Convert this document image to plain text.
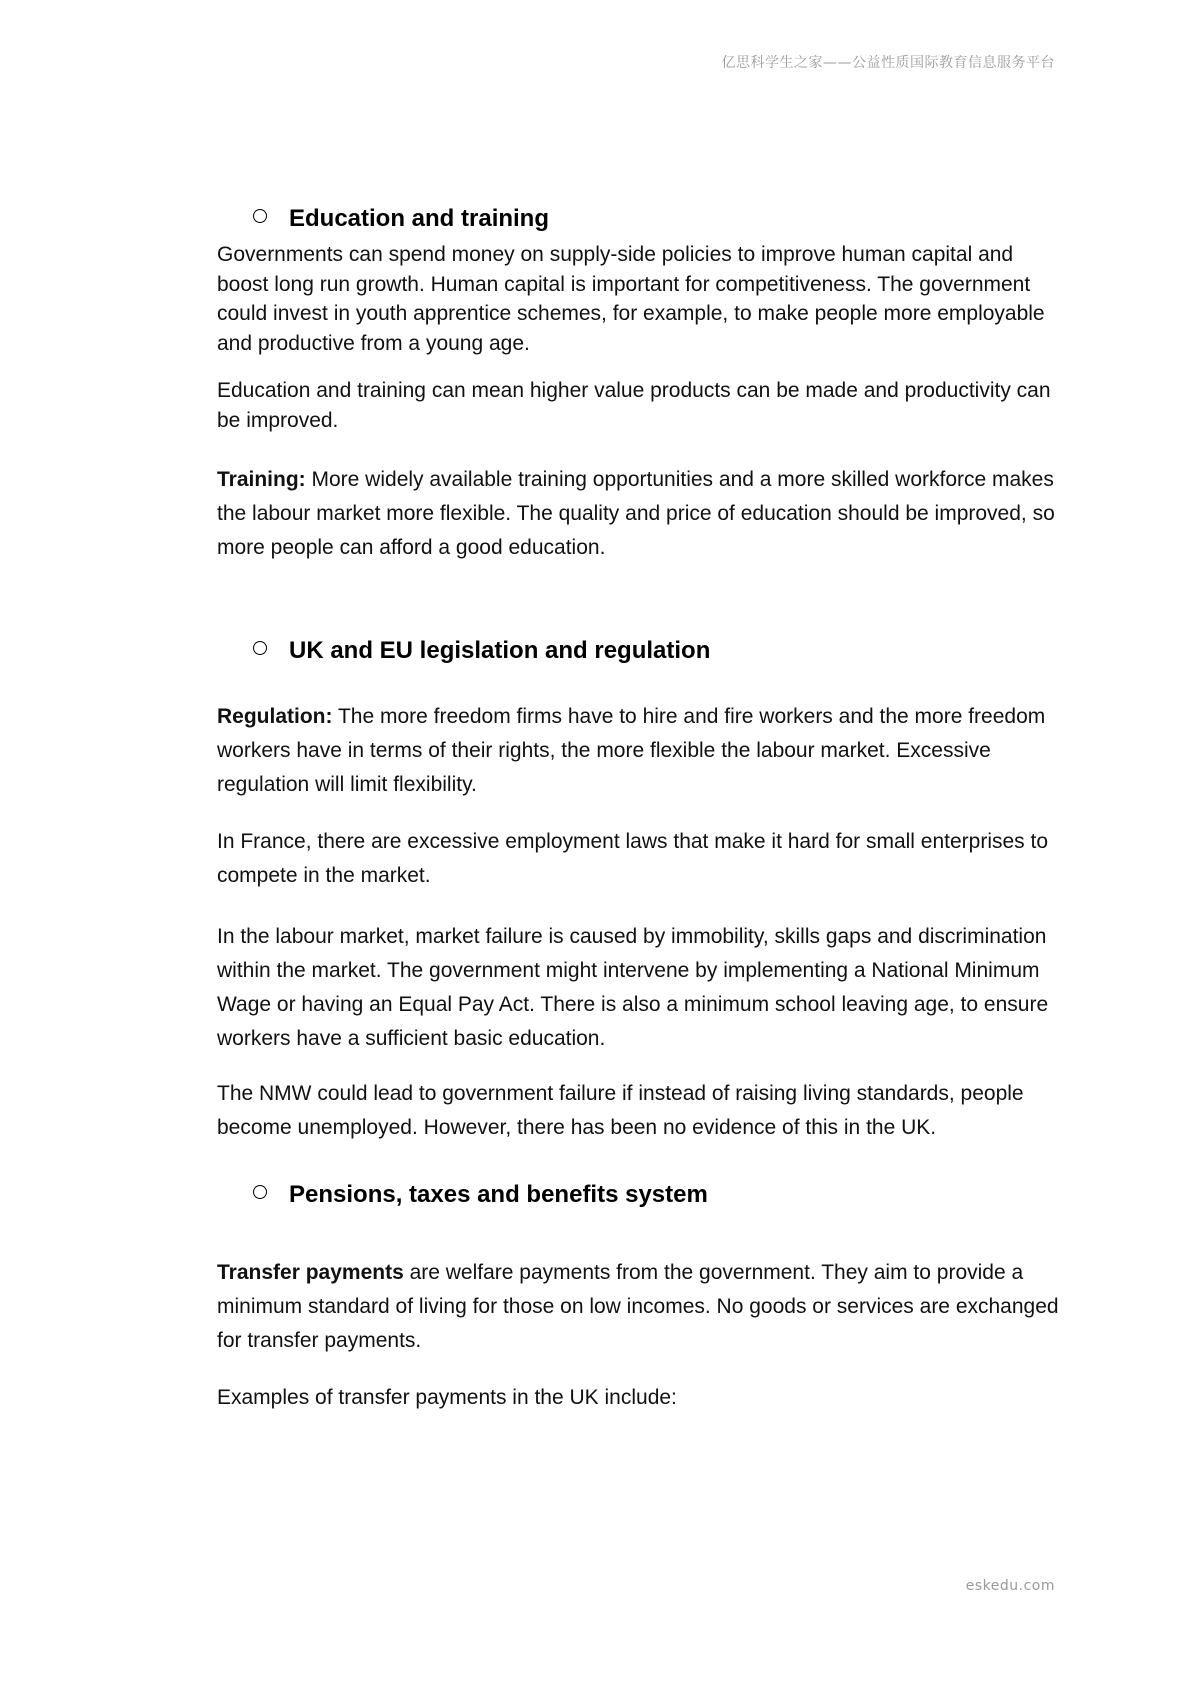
亿思科学生之家——公益性质国际教育信息服务平台
Education and training

Governments can spend money on supply-side policies to improve human capital and boost long run growth. Human capital is important for competitiveness. The government could invest in youth apprentice schemes, for example, to make people more employable and productive from a young age.

Education and training can mean higher value products can be made and productivity can be improved.

Training: More widely available training opportunities and a more skilled workforce makes the labour market more flexible. The quality and price of education should be improved, so more people can afford a good education.

UK and EU legislation and regulation

Regulation: The more freedom firms have to hire and fire workers and the more freedom workers have in terms of their rights, the more flexible the labour market. Excessive regulation will limit flexibility.

In France, there are excessive employment laws that make it hard for small enterprises to compete in the market.

In the labour market, market failure is caused by immobility, skills gaps and discrimination within the market. The government might intervene by implementing a National Minimum Wage or having an Equal Pay Act. There is also a minimum school leaving age, to ensure workers have a sufficient basic education.

The NMW could lead to government failure if instead of raising living standards, people become unemployed. However, there has been no evidence of this in the UK.

Pensions, taxes and benefits system

Transfer payments are welfare payments from the government. They aim to provide a minimum standard of living for those on low incomes. No goods or services are exchanged for transfer payments.

Examples of transfer payments in the UK include:

eskedu.com
